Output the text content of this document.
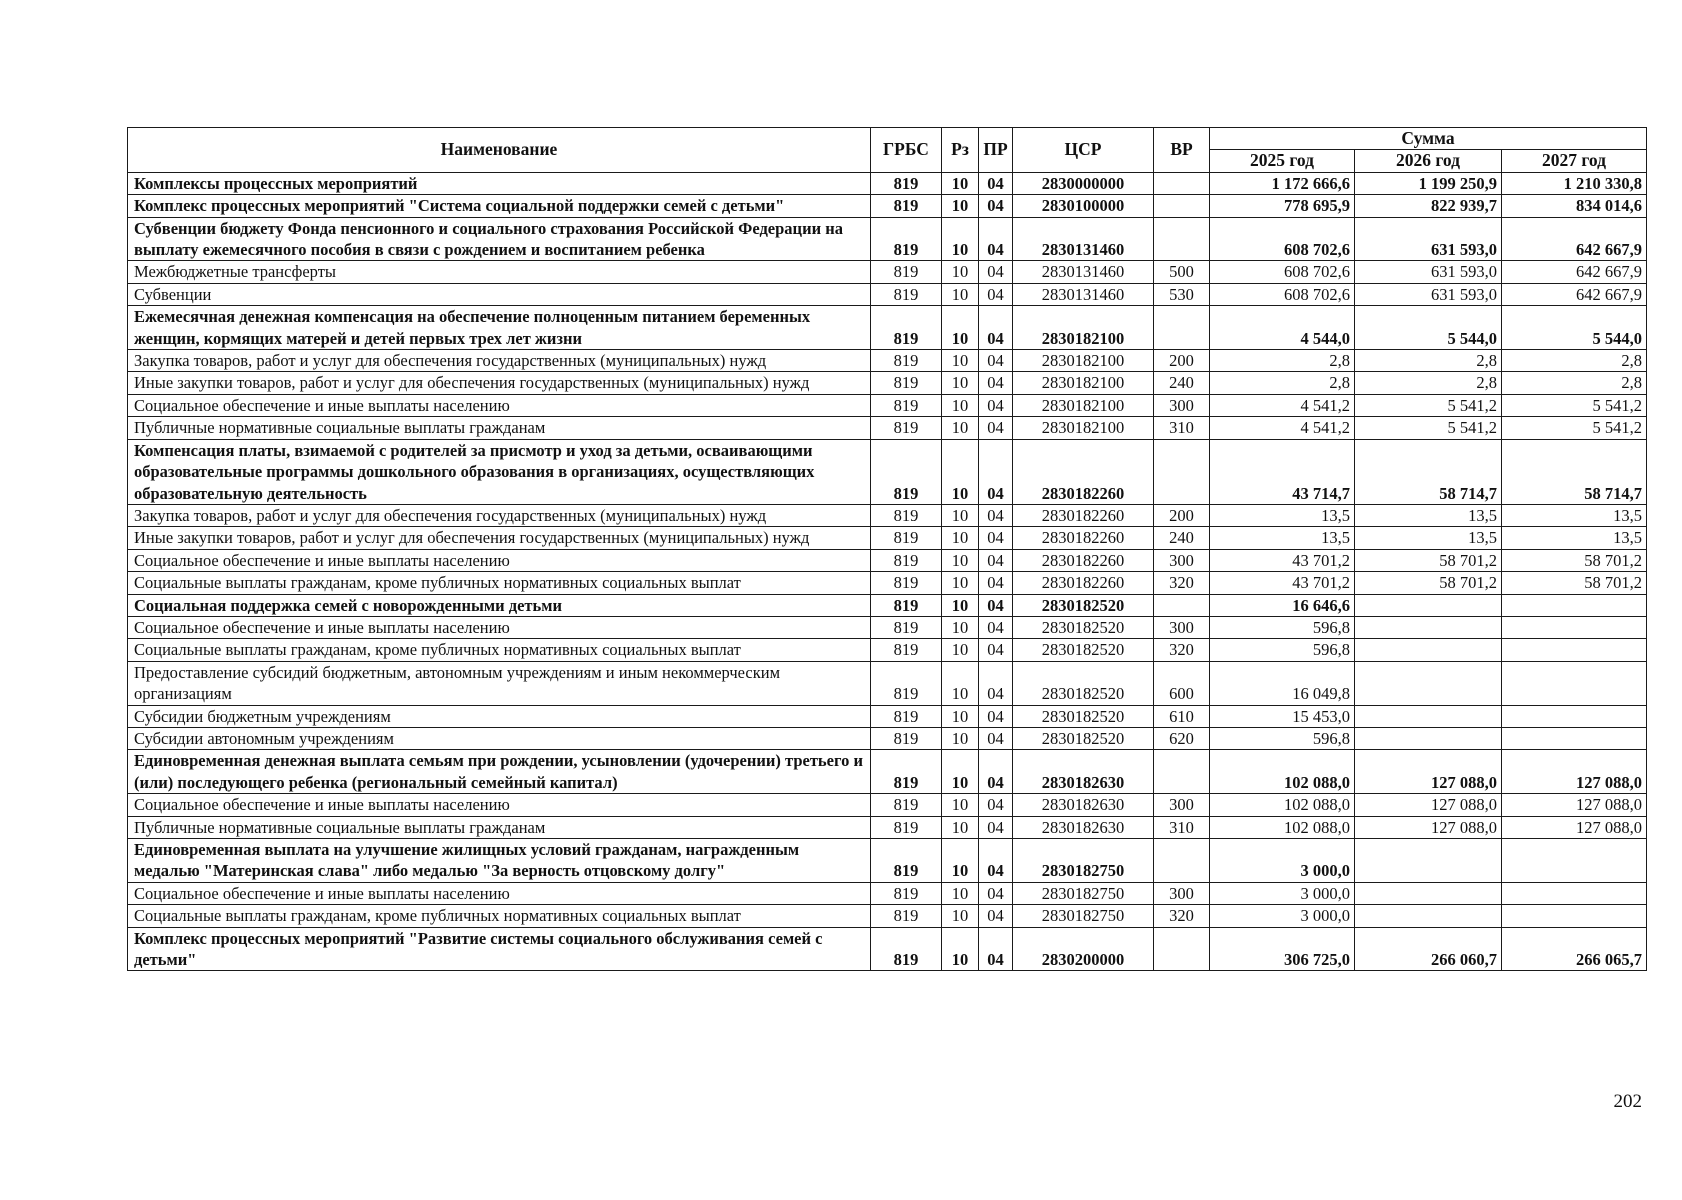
Наименование	ГРБС	Рз	ПР	ЦСР	ВР	Сумма		
						2025 год	2026 год	2027 год
Комплексы процессных мероприятий	819	10	04	2830000000		1 172 666,6	1 199 250,9	1 210 330,8
Комплекс процессных мероприятий "Система социальной поддержки семей с детьми"	819	10	04	2830100000		778 695,9	822 939,7	834 014,6
Субвенции бюджету Фонда пенсионного и социального страхования Российской Федерации на выплату ежемесячного пособия в связи с рождением и воспитанием ребенка	819	10	04	2830131460		608 702,6	631 593,0	642 667,9
Межбюджетные трансферты	819	10	04	2830131460	500	608 702,6	631 593,0	642 667,9
Субвенции	819	10	04	2830131460	530	608 702,6	631 593,0	642 667,9
Ежемесячная денежная компенсация на обеспечение полноценным питанием беременных женщин, кормящих матерей и детей первых трех лет жизни	819	10	04	2830182100		4 544,0	5 544,0	5 544,0
Закупка товаров, работ и услуг для обеспечения государственных (муниципальных) нужд	819	10	04	2830182100	200	2,8	2,8	2,8
Иные закупки товаров, работ и услуг для обеспечения государственных (муниципальных) нужд	819	10	04	2830182100	240	2,8	2,8	2,8
Социальное обеспечение и иные выплаты населению	819	10	04	2830182100	300	4 541,2	5 541,2	5 541,2
Публичные нормативные социальные выплаты гражданам	819	10	04	2830182100	310	4 541,2	5 541,2	5 541,2
Компенсация платы, взимаемой с родителей за присмотр и уход за детьми, осваивающими образовательные программы дошкольного образования в организациях, осуществляющих образовательную деятельность	819	10	04	2830182260		43 714,7	58 714,7	58 714,7
Закупка товаров, работ и услуг для обеспечения государственных (муниципальных) нужд	819	10	04	2830182260	200	13,5	13,5	13,5
Иные закупки товаров, работ и услуг для обеспечения государственных (муниципальных) нужд	819	10	04	2830182260	240	13,5	13,5	13,5
Социальное обеспечение и иные выплаты населению	819	10	04	2830182260	300	43 701,2	58 701,2	58 701,2
Социальные выплаты гражданам, кроме публичных нормативных социальных выплат	819	10	04	2830182260	320	43 701,2	58 701,2	58 701,2
Социальная поддержка семей с новорожденными детьми	819	10	04	2830182520		16 646,6		
Социальное обеспечение и иные выплаты населению	819	10	04	2830182520	300	596,8		
Социальные выплаты гражданам, кроме публичных нормативных социальных выплат	819	10	04	2830182520	320	596,8		
Предоставление субсидий бюджетным, автономным учреждениям и иным некоммерческим организациям	819	10	04	2830182520	600	16 049,8		
Субсидии бюджетным учреждениям	819	10	04	2830182520	610	15 453,0		
Субсидии автономным учреждениям	819	10	04	2830182520	620	596,8		
Единовременная денежная выплата семьям при рождении, усыновлении (удочерении) третьего и (или) последующего ребенка (региональный семейный капитал)	819	10	04	2830182630		102 088,0	127 088,0	127 088,0
Социальное обеспечение и иные выплаты населению	819	10	04	2830182630	300	102 088,0	127 088,0	127 088,0
Публичные нормативные социальные выплаты гражданам	819	10	04	2830182630	310	102 088,0	127 088,0	127 088,0
Единовременная выплата на улучшение жилищных условий гражданам, награжденным медалью "Материнская слава" либо медалью "За верность отцовскому долгу"	819	10	04	2830182750		3 000,0		
Социальное обеспечение и иные выплаты населению	819	10	04	2830182750	300	3 000,0		
Социальные выплаты гражданам, кроме публичных нормативных социальных выплат	819	10	04	2830182750	320	3 000,0		
Комплекс процессных мероприятий "Развитие системы социального обслуживания семей с детьми"	819	10	04	2830200000		306 725,0	266 060,7	266 065,7
202
